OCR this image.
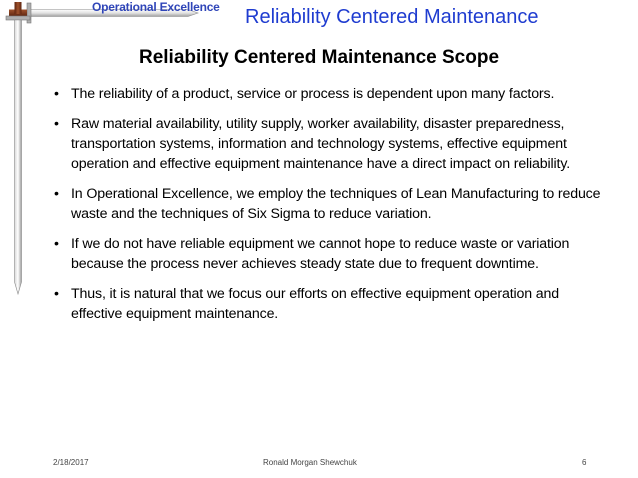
Operational Excellence Reliability Centered Maintenance
Reliability Centered Maintenance Scope
• The reliability of a product, service or process is dependent upon many factors.
• Raw material availability, utility supply, worker availability, disaster preparedness, transportation systems, information and technology systems, effective equipment operation and effective equipment maintenance have a direct impact on reliability.
• In Operational Excellence, we employ the techniques of Lean Manufacturing to reduce waste and the techniques of Six Sigma to reduce variation.
• If we do not have reliable equipment we cannot hope to reduce waste or variation because the process never achieves steady state due to frequent downtime.
• Thus, it is natural that we focus our efforts on effective equipment operation and effective equipment maintenance.
2/18/2017	Ronald Morgan Shewchuk	6
